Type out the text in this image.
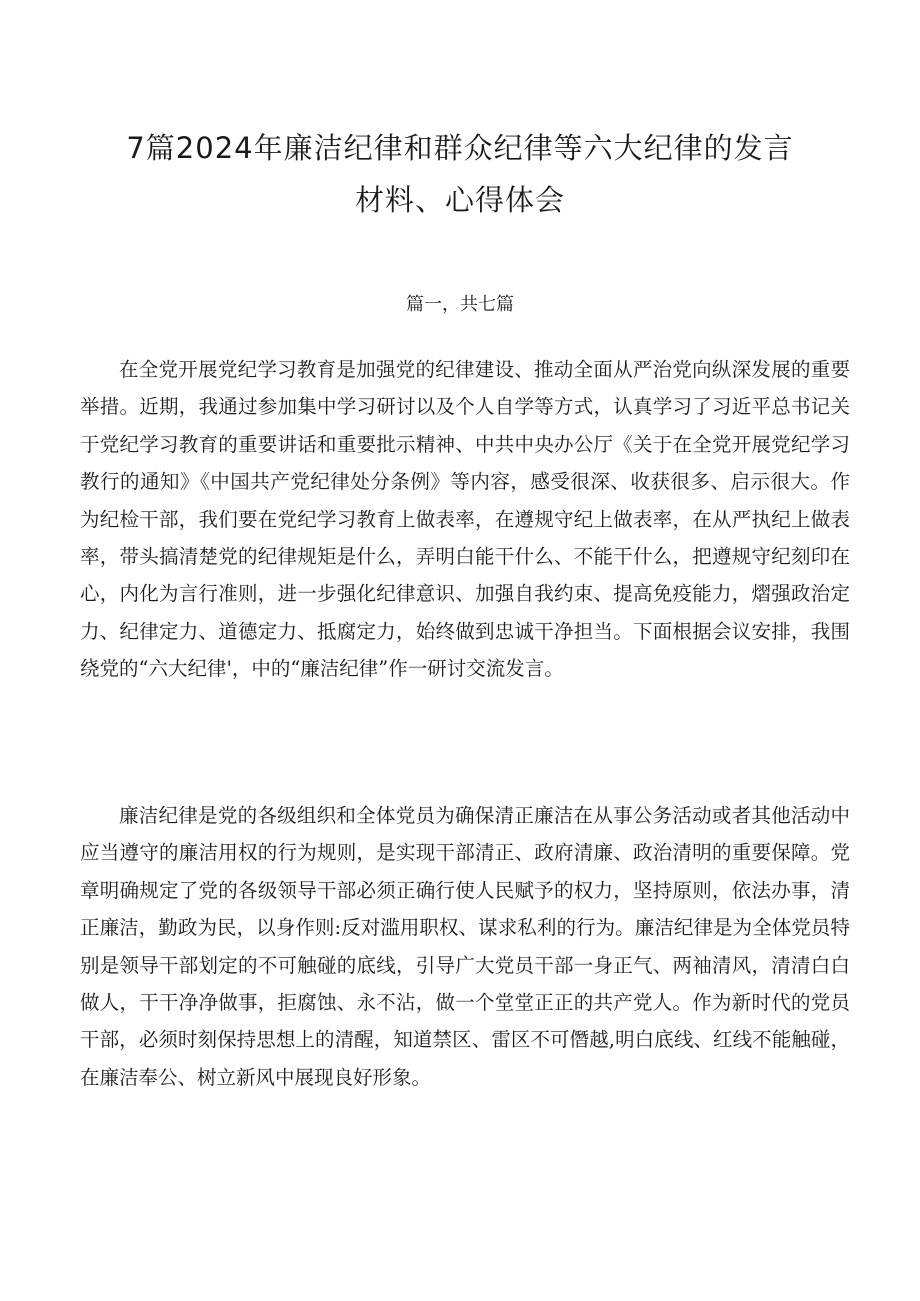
7篇2024年廉洁纪律和群众纪律等六大纪律的发言
材料、心得体会

篇一，共七篇

在全党开展党纪学习教育是加强党的纪律建设、推动全面从严治党向纵深发展的重要举措。近期，我通过参加集中学习研讨以及个人自学等方式，认真学习了习近平总书记关于党纪学习教育的重要讲话和重要批示精神、中共中央办公厅《关于在全党开展党纪学习教行的通知》《中国共产党纪律处分条例》等内容，感受很深、收获很多、启示很大。作为纪检干部，我们要在党纪学习教育上做表率，在遵规守纪上做表率，在从严执纪上做表率，带头搞清楚党的纪律规矩是什么，弄明白能干什么、不能干什么，把遵规守纪刻印在心，内化为言行准则，进一步强化纪律意识、加强自我约束、提高免疫能力，熠强政治定力、纪律定力、道德定力、抵腐定力，始终做到忠诚干净担当。下面根据会议安排，我围绕党的“六大纪律'，中的“廉洁纪律”作一研讨交流发言。

廉洁纪律是党的各级组织和全体党员为确保清正廉洁在从事公务活动或者其他活动中应当遵守的廉洁用权的行为规则，是实现干部清正、政府清廉、政治清明的重要保障。党章明确规定了党的各级领导干部必须正确行使人民赋予的权力，坚持原则，依法办事，清正廉洁，勤政为民，以身作则:反对滥用职权、谋求私利的行为。廉洁纪律是为全体党员特别是领导干部划定的不可触碰的底线，引导广大党员干部一身正气、两袖清风，清清白白做人，干干净净做事，拒腐蚀、永不沾，做一个堂堂正正的共产党人。作为新时代的党员干部，必须时刻保持思想上的清醒，知道禁区、雷区不可僭越,明白底线、红线不能触碰，在廉洁奉公、树立新风中展现良好形象。
